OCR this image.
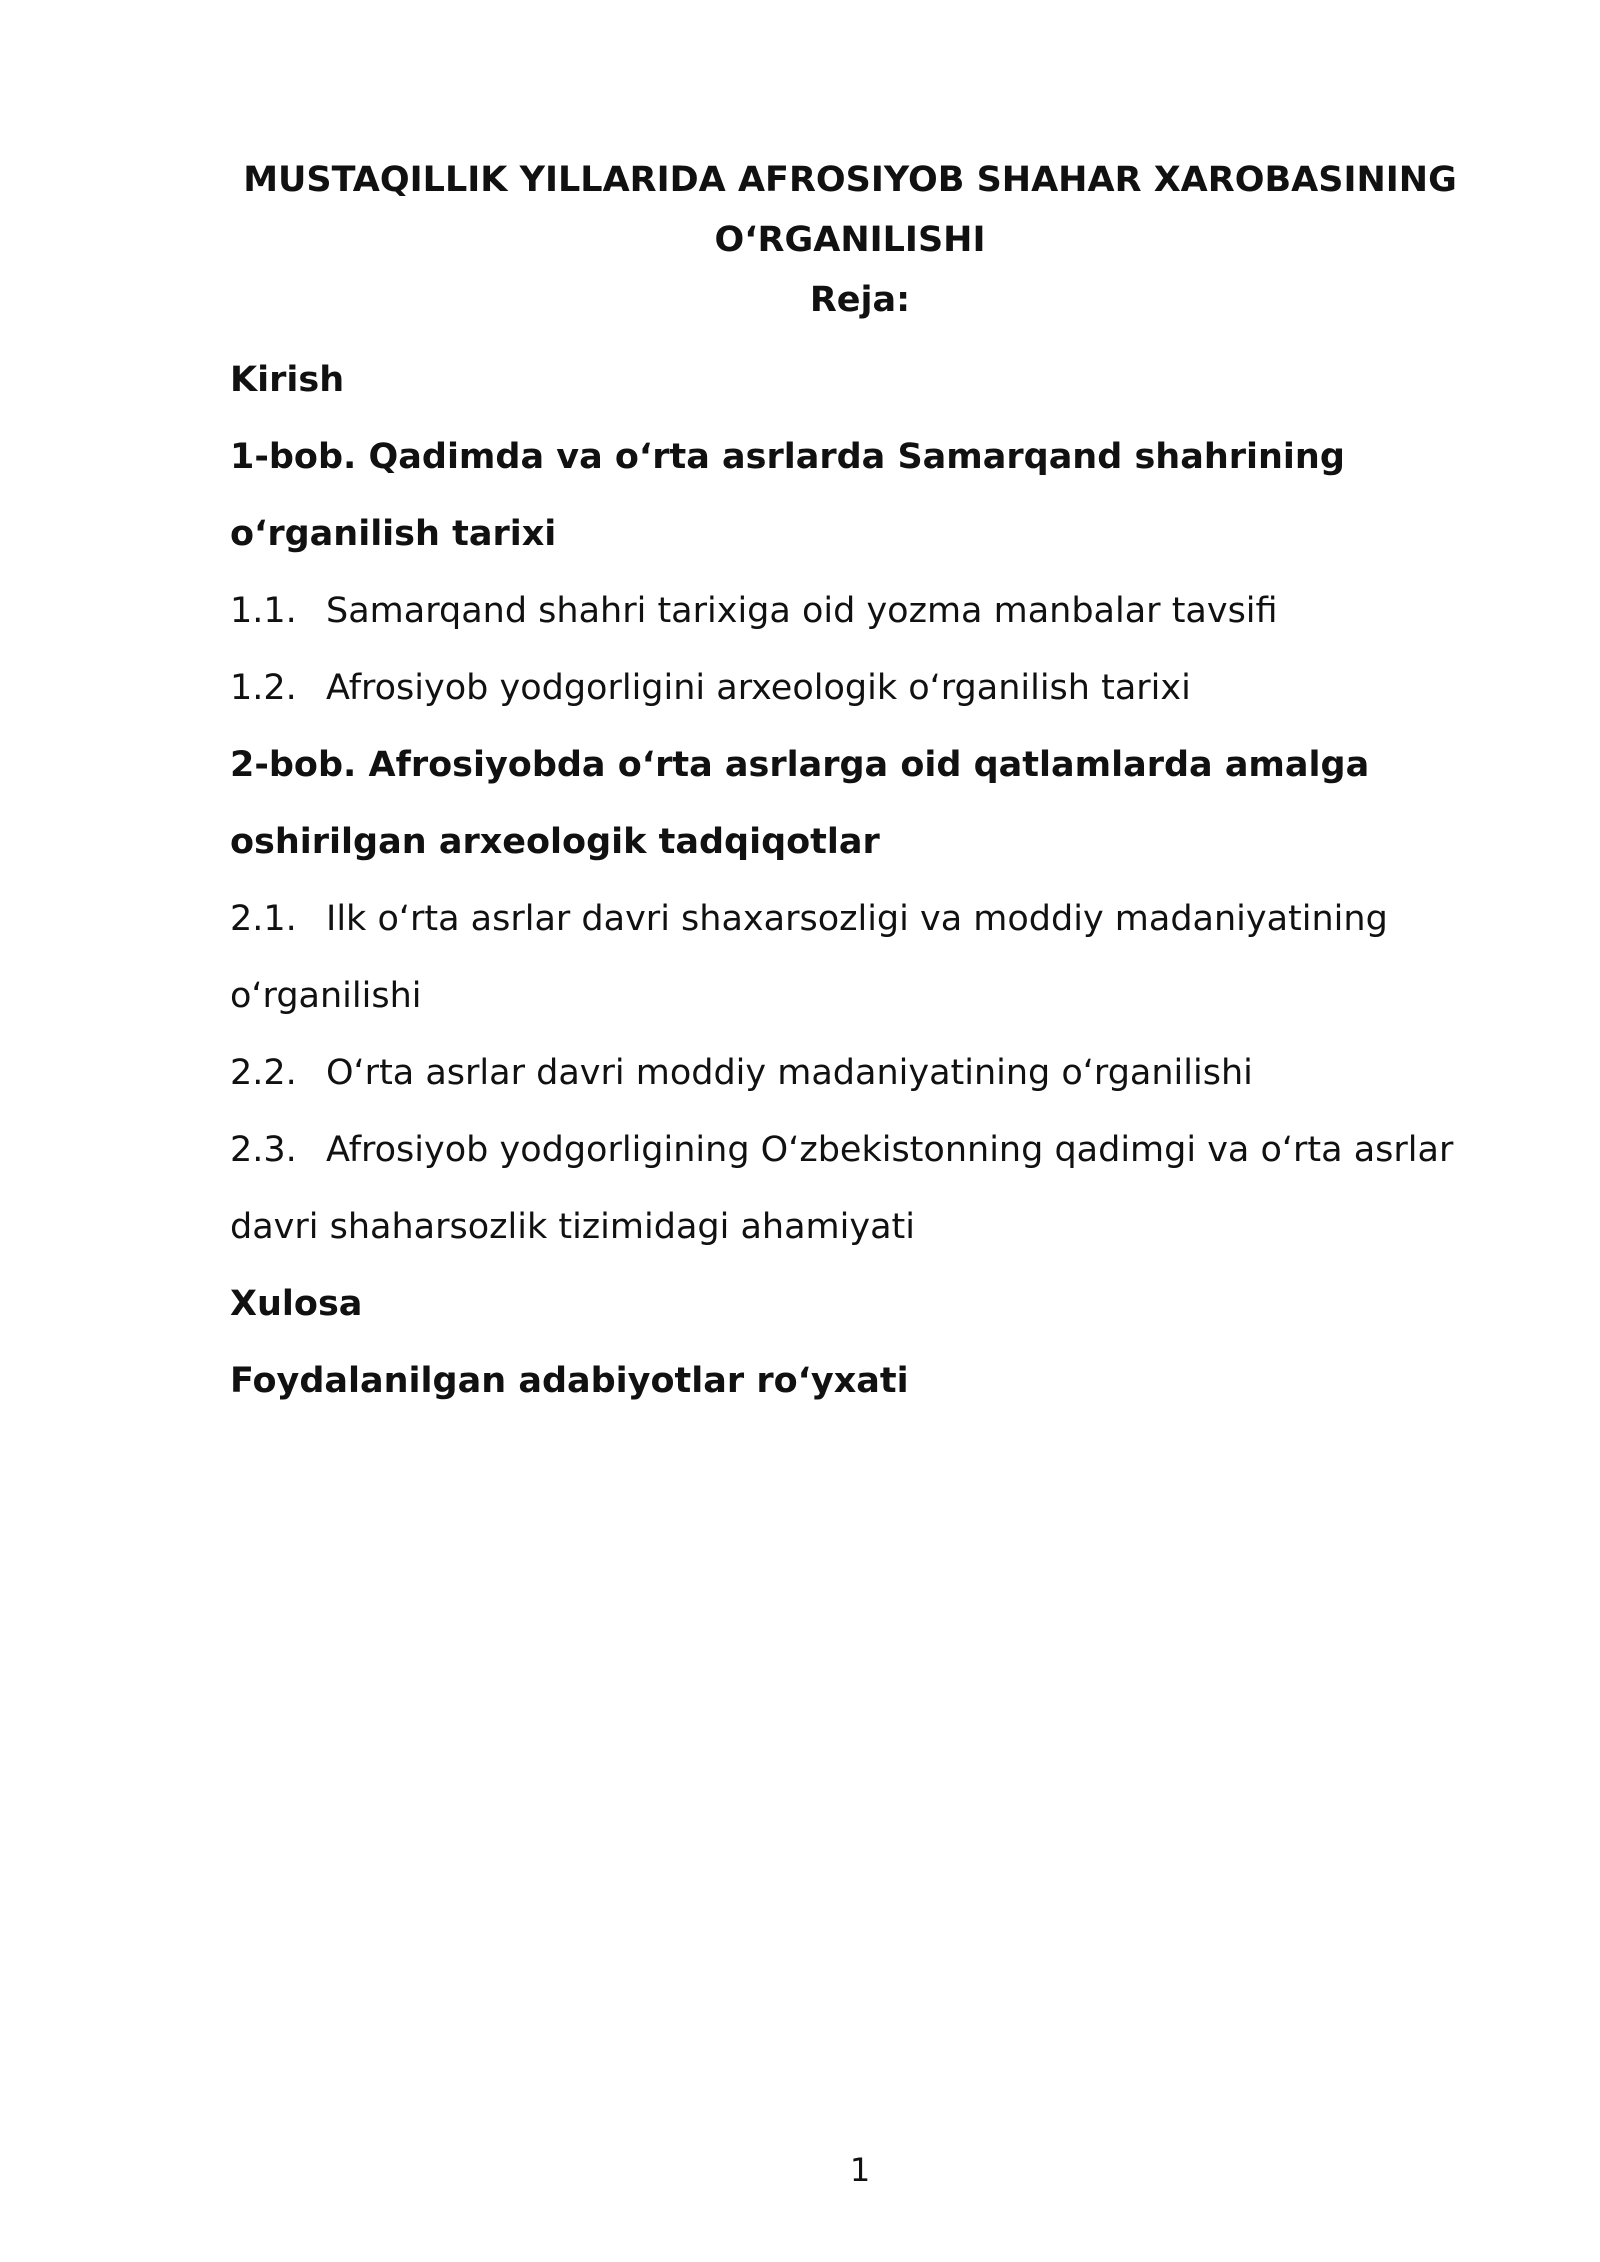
MUSTAQILLIK YILLARIDA AFROSIYOB SHAHAR XAROBASINING
O‘RGANILISHI
Reja:
Kirish
1-bob. Qadimda va o‘rta asrlarda Samarqand shahrining
o‘rganilish tarixi
1.1. Samarqand shahri tarixiga oid yozma manbalar tavsifi
1.2. Afrosiyob yodgorligini arxeologik o‘rganilish tarixi
2-bob. Afrosiyobda o‘rta asrlarga oid qatlamlarda amalga
oshirilgan arxeologik tadqiqotlar
2.1. Ilk o‘rta asrlar davri shaxarsozligi va moddiy madaniyatining
o‘rganilishi
2.2. O‘rta asrlar davri moddiy madaniyatining o‘rganilishi
2.3. Afrosiyob yodgorligining O‘zbekistonning qadimgi va o‘rta asrlar
davri shaharsozlik tizimidagi ahamiyati
Xulosa
Foydalanilgan adabiyotlar ro‘yxati
1
